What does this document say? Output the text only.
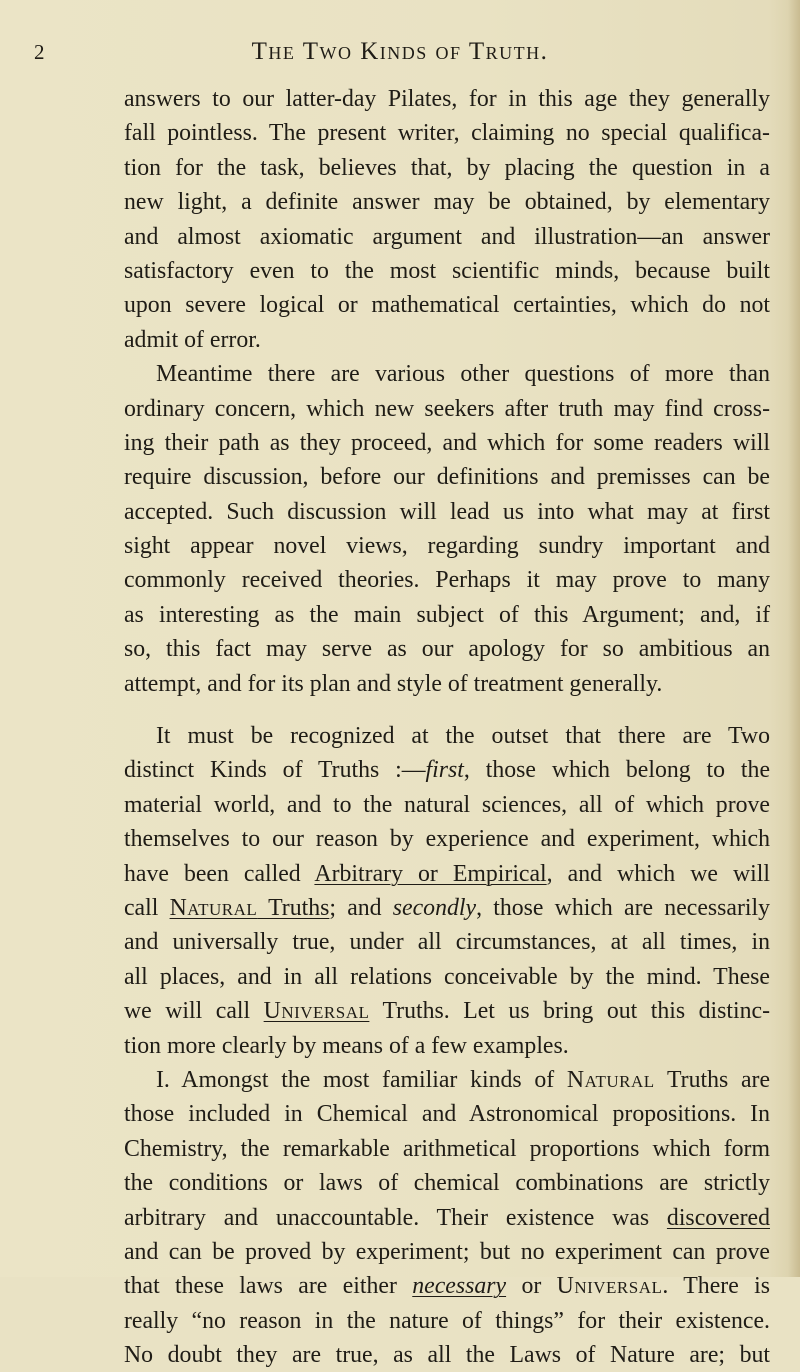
2	The Two Kinds of Truth.
answers to our latter-day Pilates, for in this age they generally
fall pointless. The present writer, claiming no special qualifica-
tion for the task, believes that, by placing the question in a
new light, a definite answer may be obtained, by elementary
and almost axiomatic argument and illustration—an answer
satisfactory even to the most scientific minds, because built
upon severe logical or mathematical certainties, which do not
admit of error.
Meantime there are various other questions of more than
ordinary concern, which new seekers after truth may find cross-
ing their path as they proceed, and which for some readers will
require discussion, before our definitions and premisses can be
accepted. Such discussion will lead us into what may at first
sight appear novel views, regarding sundry important and
commonly received theories. Perhaps it may prove to many
as interesting as the main subject of this Argument; and, if
so, this fact may serve as our apology for so ambitious an
attempt, and for its plan and style of treatment generally.
It must be recognized at the outset that there are Two
distinct Kinds of Truths :—first, those which belong to the
material world, and to the natural sciences, all of which prove
themselves to our reason by experience and experiment, which
have been called Arbitrary or Empirical, and which we will
call Natural Truths; and secondly, those which are necessarily
and universally true, under all circumstances, at all times, in
all places, and in all relations conceivable by the mind. These
we will call Universal Truths. Let us bring out this distinc-
tion more clearly by means of a few examples.
I. Amongst the most familiar kinds of Natural Truths are
those included in Chemical and Astronomical propositions. In
Chemistry, the remarkable arithmetical proportions which form
the conditions or laws of chemical combinations are strictly
arbitrary and unaccountable. Their existence was discovered
and can be proved by experiment; but no experiment can prove
that these laws are either necessary or Universal. There is
really “no reason in the nature of things” for their existence.
No doubt they are true, as all the Laws of Nature are; but
